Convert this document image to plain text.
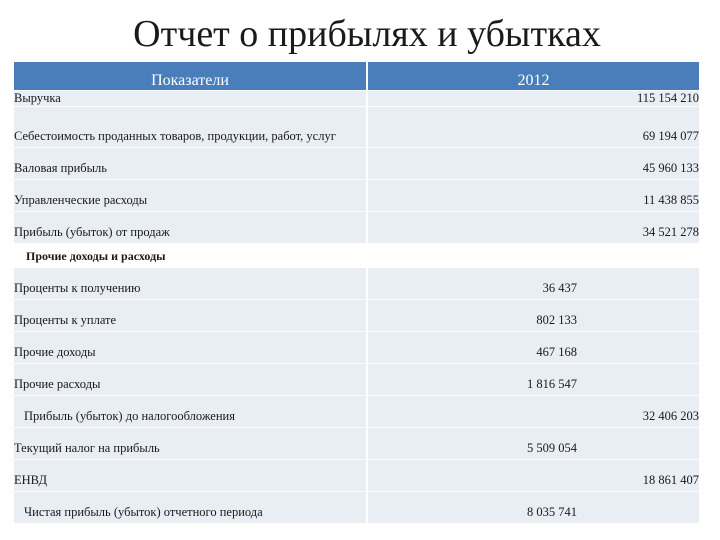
Отчет о прибылях и убытках
Показатели	2012
Выручка	115 154 210
Себестоимость проданных товаров, продукции, работ, услуг	69 194 077
Валовая прибыль	45 960 133
Управленческие расходы	11 438 855
Прибыль (убыток) от продаж	34 521 278
Прочие доходы и расходы	
Проценты к получению	36 437
Проценты к уплате	802 133
Прочие доходы	467 168
Прочие расходы	1 816 547
Прибыль (убыток) до налогообложения	32 406 203
Текущий налог на прибыль	5 509 054
ЕНВД	18 861 407
Чистая прибыль (убыток) отчетного периода	8 035 741
